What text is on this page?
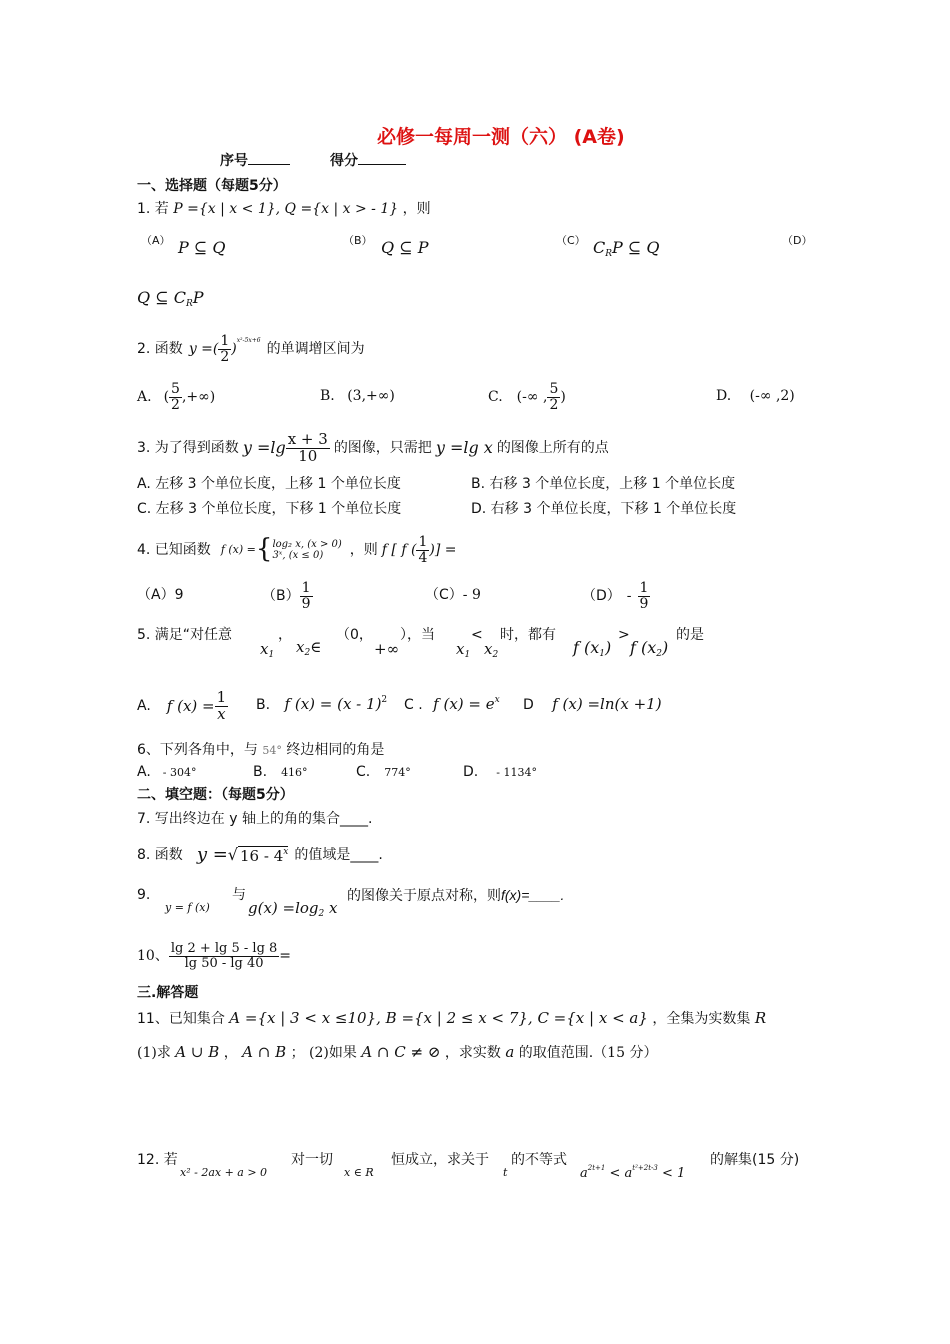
必修一每周一测（六） (A卷)
序号	得分
一、选择题（每题5分）
1. 若 P ={x | x < 1}, Q ={x | x > - 1} ，则
（A） P ⊆ Q	（B） Q ⊆ P	（C） $C_RP$ ⊆ Q	（D）
Q ⊆ $C_RP$
2. 函数 y =( $\frac{1}{2}$ )
x²-5x+6
的单调增区间为
A. ( $\frac{5}{2}$ ,+∞)	B. (3,+∞)	C. (-∞ , $\frac{5}{2}$ )	D. (-∞ ,2)
3. 为了得到函数 $y =\lg \frac{x + 3}{10}$ 的图像，只需把 y =lg x 的图像上所有的点
A. 左移 3 个单位长度，上移 1 个单位长度	B. 右移 3 个单位长度，上移 1 个单位长度
C. 左移 3 个单位长度，下移 1 个单位长度	D. 右移 3 个单位长度，下移 1 个单位长度
4. 已知函数 f (x) = { log₂ x, (x > 0)
3ˣ, (x ≤ 0)	，则 f [ f ( $\frac{1}{4}$ )] =
（A）9	$(B) \frac{1}{9}$	（C）- 9	$(D) - \frac{1}{9}$
5. 满足“对任意
$x_1$
，
$x_2\in$
（0，
+∞
），当
$x_1$
<
$x_2$
时，都有
f $(x_1)$
>
f $(x_2)$
的是
A. f $(x) = \frac{1}{x} B$. f (x) = (x - 1)$^2$ C . f $(x) = e^x$ D f (x) =ln(x +1)
6、下列各角中，与 54° 终边相同的角是
A. - 304°	B. 416°	C. 774°	D. - 1134°
二、填空题：（每题5分）
7. 写出终边在 y 轴上的角的集合____.
8. 函数 y = √ 16 - 4$^x$ 的值域是____.
9.
y = f (x)
与
$g(x) =\log_2$ x
的图像关于原点对称，则f(x)=____.
10、 $\frac{\lg 2 + \lg 5 - \lg 8}{\lg 50 - \lg 40}$ =
三.解答题
11、已知集合 A ={x | 3 < x ≤10}, B ={x | 2 ≤ x < 7}, C ={x | x < a} ，全集为实数集 R
(1)求 A ∪ B ， A ∩ B ； (2)如果 A ∩ C ≠ ⊘ ，求实数 a 的取值范围.（15 分）
12. 若
x² - 2ax + a > 0
对一切
x ∈ R
恒成立，求关于
t
的不等式
$a^{2t+1} < a^{t^2+2t-3} < 1$
的解集(15 分)
